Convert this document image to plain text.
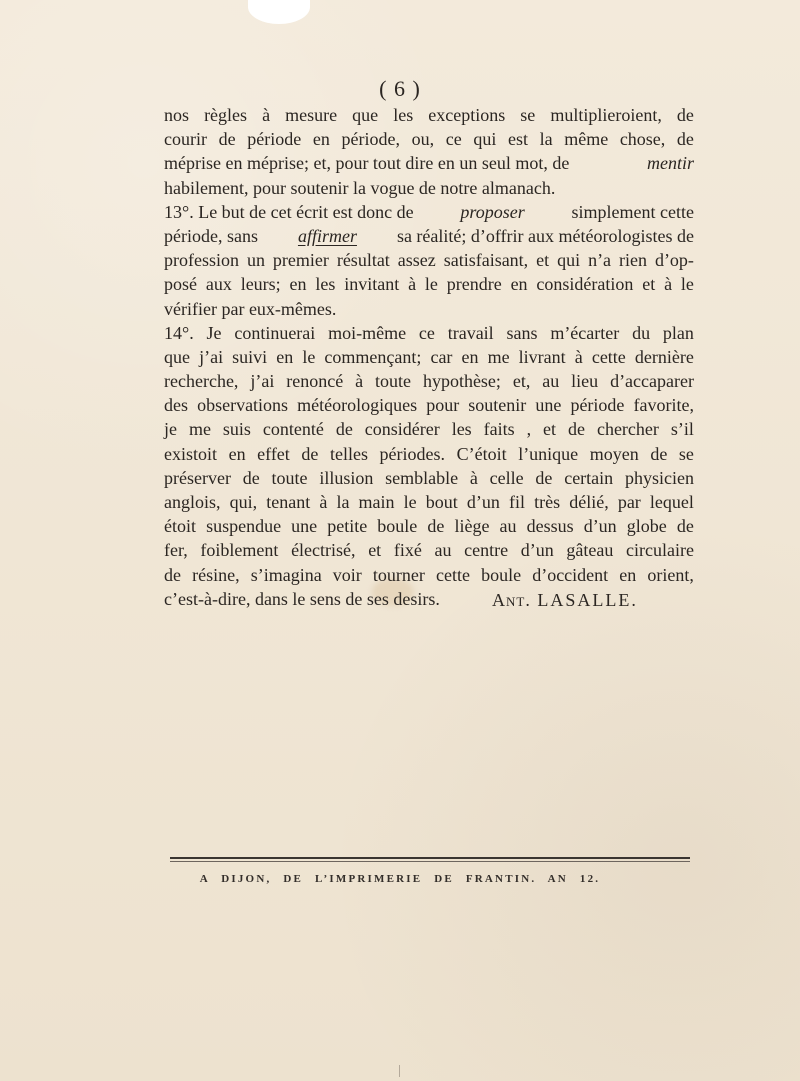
( 6 )
nos règles à mesure que les exceptions se multiplieroient, de
courir de période en période, ou, ce qui est la même chose, de
méprise en méprise; et, pour tout dire en un seul mot, de	mentir
habilement, pour soutenir la vogue de notre almanach.
13°. Le but de cet écrit est donc de	proposer	simplement cette
période, sans affirmer sa réalité; d’offrir aux météorologistes de
profession un premier résultat assez satisfaisant, et qui n’a rien d’op-
posé aux leurs; en les invitant à le prendre en considération et à le
vérifier par eux-mêmes.
14°. Je continuerai moi-même ce travail sans m’écarter du plan
que j’ai suivi en le commençant; car en me livrant à cette dernière
recherche, j’ai renoncé à toute hypothèse; et, au lieu d’accaparer
des observations météorologiques pour soutenir une période favorite,
je me suis contenté de considérer les faits , et de chercher s’il
existoit en effet de telles périodes. C’étoit l’unique moyen de se
préserver de toute illusion semblable à celle de certain physicien
anglois, qui, tenant à la main le bout d’un fil très délié, par lequel
étoit suspendue une petite boule de liège au dessus d’un globe de
fer, foiblement électrisé, et fixé au centre d’un gâteau circulaire
de résine, s’imagina voir tourner cette boule d’occident en orient,
c’est-à-dire, dans le sens de ses desirs.	Ant. LASALLE.
A DIJON, DE L’IMPRIMERIE DE FRANTIN. AN 12.
